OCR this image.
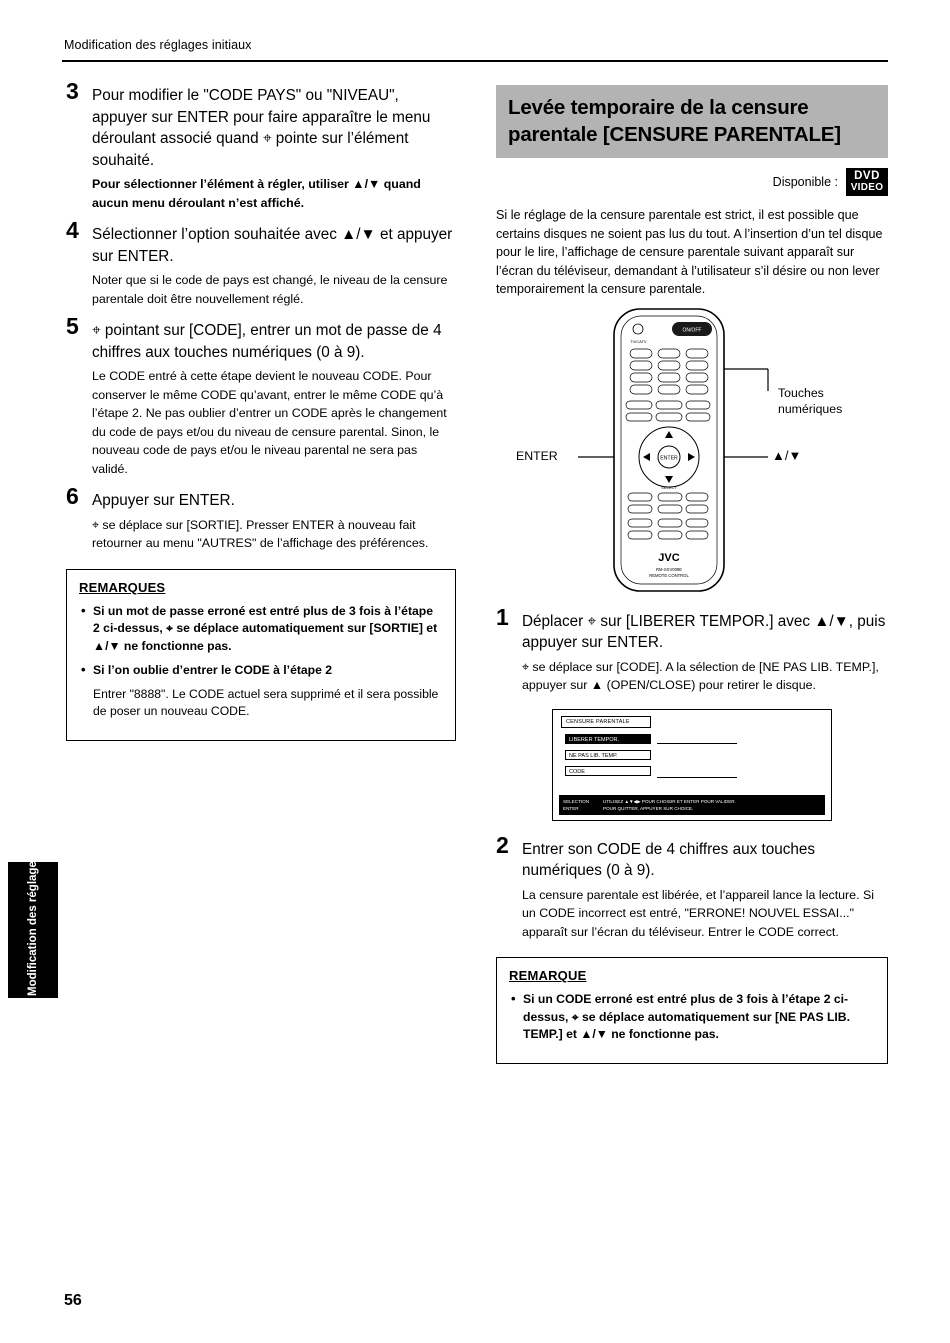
Modification des réglages initiaux
Modification des réglages initiaux
56
3 Pour modifier le "CODE PAYS" ou "NIVEAU", appuyer sur ENTER pour faire apparaître le menu déroulant associé quand ⌖ pointe sur l’élément souhaité.
Pour sélectionner l’élément à régler, utiliser ▲/▼ quand aucun menu déroulant n’est affiché.
4 Sélectionner l’option souhaitée avec ▲/▼ et appuyer sur ENTER.
Noter que si le code de pays est changé, le niveau de la censure parentale doit être nouvellement réglé.
5 ⌖ pointant sur [CODE], entrer un mot de passe de 4 chiffres aux touches numériques (0 à 9).
Le CODE entré à cette étape devient le nouveau CODE. Pour conserver le même CODE qu’avant, entrer le même CODE qu’à l’étape 2. Ne pas oublier d’entrer un CODE après le changement du code de pays et/ou du niveau de censure parental. Sinon, le nouveau code de pays et/ou le niveau parental ne sera pas validé.
6 Appuyer sur ENTER.
⌖ se déplace sur [SORTIE]. Presser ENTER à nouveau fait retourner au menu "AUTRES" de l’affichage des préférences.
REMARQUES
• Si un mot de passe erroné est entré plus de 3 fois à l’étape 2 ci-dessus, ⌖ se déplace automatiquement sur [SORTIE] et ▲/▼ ne fonctionne pas.
• Si l’on oublie d’entrer le CODE à l’étape 2
Entrer "8888". Le CODE actuel sera supprimé et il sera possible de poser un nouveau CODE.
Levée temporaire de la censure parentale [CENSURE PARENTALE]
Disponible :	DVD
VIDEO
Si le réglage de la censure parentale est strict, il est possible que certains disques ne soient pas lus du tout. A l’insertion d’un tel disque pour le lire, l’affichage de censure parentale suivant apparaît sur l’écran du téléviseur, demandant à l’utilisateur s’il désire ou non lever temporairement la censure parentale.
ON/OFF
TV/CATV
ENTER
SELECT
JVC
RM-SXV009E
REMOTE CONTROL
Touches numériques
▲/▼
ENTER
1 Déplacer ⌖ sur [LIBERER TEMPOR.] avec ▲/▼, puis appuyer sur ENTER.
⌖ se déplace sur [CODE]. A la sélection de [NE PAS LIB. TEMP.], appuyer sur ▲ (OPEN/CLOSE) pour retirer le disque.
CENSURE PARENTALE
LIBERER TEMPOR.
NE PAS LIB. TEMP.
CODE
SELECTION
ENTER
UTILISEZ ▲▼◀▶ POUR CHOISIR ET ENTER POUR VALIDER.
POUR QUITTER, APPUYER SUR CHOICE.
2 Entrer son CODE de 4 chiffres aux touches numériques (0 à 9).
La censure parentale est libérée, et l’appareil lance la lecture. Si un CODE incorrect est entré, "ERRONE! NOUVEL ESSAI..." apparaît sur l’écran du téléviseur. Entrer le CODE correct.
REMARQUE
• Si un CODE erroné est entré plus de 3 fois à l’étape 2 ci-dessus, ⌖ se déplace automatiquement sur [NE PAS LIB. TEMP.] et ▲/▼ ne fonctionne pas.
